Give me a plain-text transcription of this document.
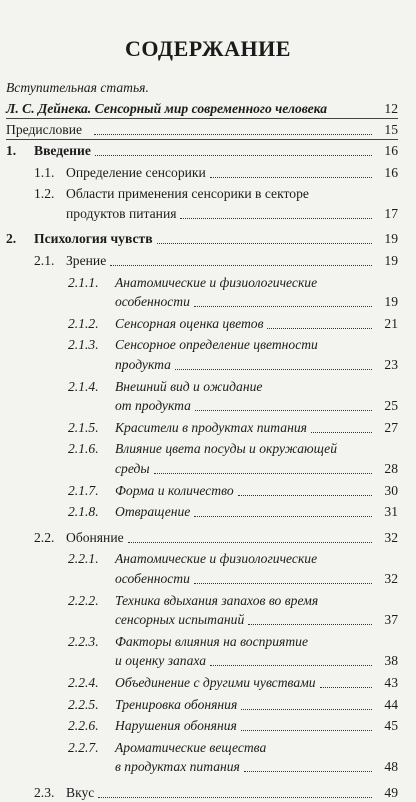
СОДЕРЖАНИЕ
Вступительная статья.
Л. С. Дейнека. Сенсорный мир современного человека	12
Предисловие	15
1. Введение	16
1.1. Определение сенсорики	16
1.2. Области применения сенсорики в секторе
продуктов питания	17
2. Психология чувств	19
2.1. Зрение	19
2.1.1. Анатомические и физиологические
особенности	19
2.1.2. Сенсорная оценка цветов	21
2.1.3. Сенсорное определение цветности
продукта	23
2.1.4. Внешний вид и ожидание
от продукта	25
2.1.5. Красители в продуктах питания	27
2.1.6. Влияние цвета посуды и окружающей
среды	28
2.1.7. Форма и количество	30
2.1.8. Отвращение	31
2.2. Обоняние	32
2.2.1. Анатомические и физиологические
особенности	32
2.2.2. Техника вдыхания запахов во время
сенсорных испытаний	37
2.2.3. Факторы влияния на восприятие
и оценку запаха	38
2.2.4. Объединение с другими чувствами	43
2.2.5. Тренировка обоняния	44
2.2.6. Нарушения обоняния	45
2.2.7. Ароматические вещества
в продуктах питания	48
2.3. Вкус	49
